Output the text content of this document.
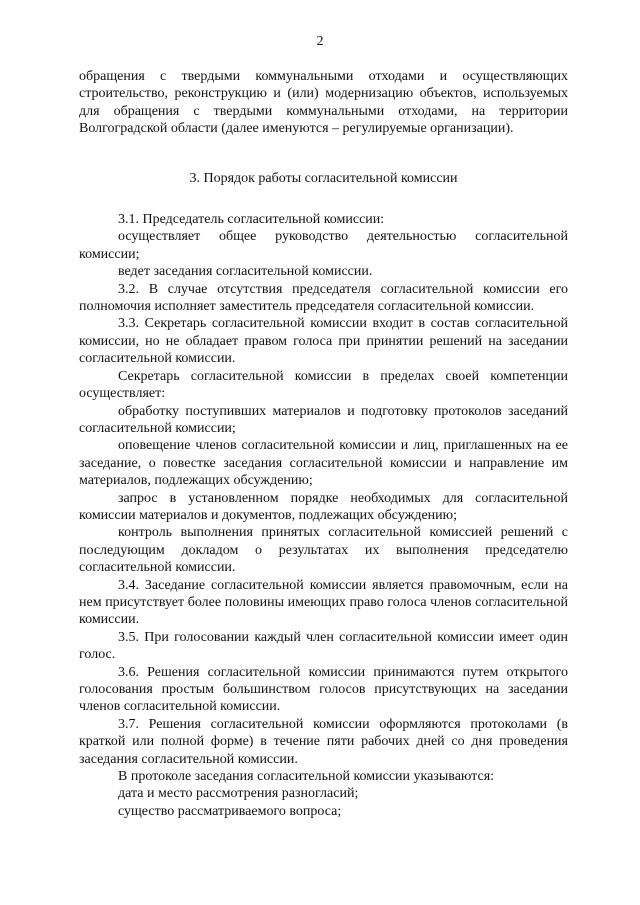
2

обращения с твердыми коммунальными отходами и осуществляющих строительство, реконструкцию и (или) модернизацию объектов, используемых для обращения с твердыми коммунальными отходами, на территории Волгоградской области (далее именуются – регулируемые организации).

3. Порядок работы согласительной комиссии

3.1. Председатель согласительной комиссии:

осуществляет общее руководство деятельностью согласительной комиссии;

ведет заседания согласительной комиссии.

3.2. В случае отсутствия председателя согласительной комиссии его полномочия исполняет заместитель председателя согласительной комиссии.

3.3. Секретарь согласительной комиссии входит в состав согласительной комиссии, но не обладает правом голоса при принятии решений на заседании согласительной комиссии.

Секретарь согласительной комиссии в пределах своей компетенции осуществляет:

обработку поступивших материалов и подготовку протоколов заседаний согласительной комиссии;

оповещение членов согласительной комиссии и лиц, приглашенных на ее заседание, о повестке заседания согласительной комиссии и направление им материалов, подлежащих обсуждению;

запрос в установленном порядке необходимых для согласительной комиссии материалов и документов, подлежащих обсуждению;

контроль выполнения принятых согласительной комиссией решений с последующим докладом о результатах их выполнения председателю согласительной комиссии.

3.4. Заседание согласительной комиссии является правомочным, если на нем присутствует более половины имеющих право голоса членов согласительной комиссии.

3.5. При голосовании каждый член согласительной комиссии имеет один голос.

3.6. Решения согласительной комиссии принимаются путем открытого голосования простым большинством голосов присутствующих на заседании членов согласительной комиссии.

3.7. Решения согласительной комиссии оформляются протоколами (в краткой или полной форме) в течение пяти рабочих дней со дня проведения заседания согласительной комиссии.

В протоколе заседания согласительной комиссии указываются:

дата и место рассмотрения разногласий;

существо рассматриваемого вопроса;
